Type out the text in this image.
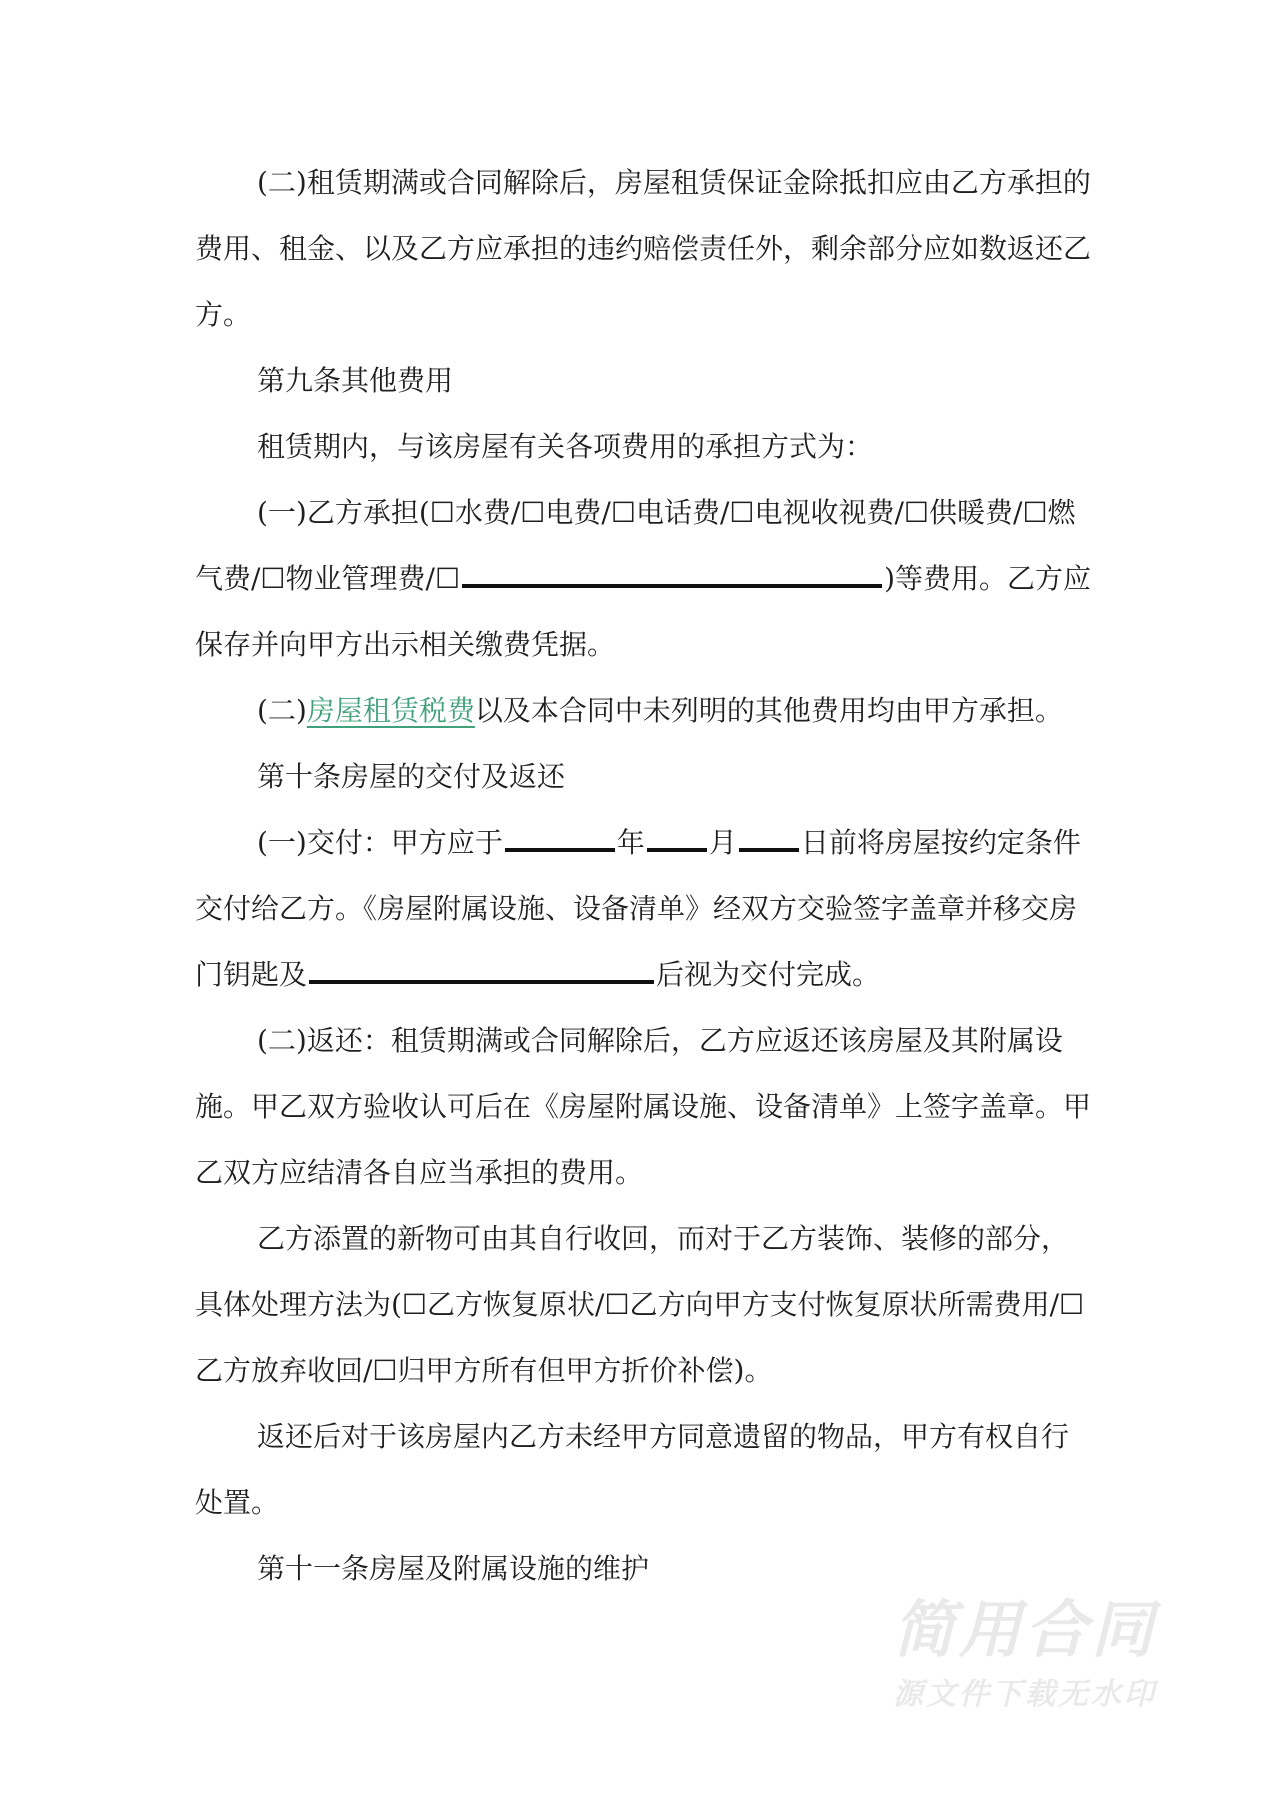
(二)租赁期满或合同解除后，房屋租赁保证金除抵扣应由乙方承担的费用、租金、以及乙方应承担的违约赔偿责任外，剩余部分应如数返还乙方。

第九条其他费用

租赁期内，与该房屋有关各项费用的承担方式为：

(一)乙方承担(☐水费/☐电费/☐电话费/☐电视收视费/☐供暖费/☐燃气费/☐物业管理费/☐	)等费用。乙方应保存并向甲方出示相关缴费凭据。

(二)房屋租赁税费以及本合同中未列明的其他费用均由甲方承担。

第十条房屋的交付及返还

(一)交付：甲方应于	年 月 日前将房屋按约定条件交付给乙方。《房屋附属设施、设备清单》经双方交验签字盖章并移交房门钥匙及	后视为交付完成。

(二)返还：租赁期满或合同解除后，乙方应返还该房屋及其附属设施。甲乙双方验收认可后在《房屋附属设施、设备清单》上签字盖章。甲乙双方应结清各自应当承担的费用。

乙方添置的新物可由其自行收回，而对于乙方装饰、装修的部分，具体处理方法为(☐乙方恢复原状/☐乙方向甲方支付恢复原状所需费用/☐乙方放弃收回/☐归甲方所有但甲方折价补偿)。

返还后对于该房屋内乙方未经甲方同意遗留的物品，甲方有权自行处置。

第十一条房屋及附属设施的维护

简用合同
源文件下载无水印
